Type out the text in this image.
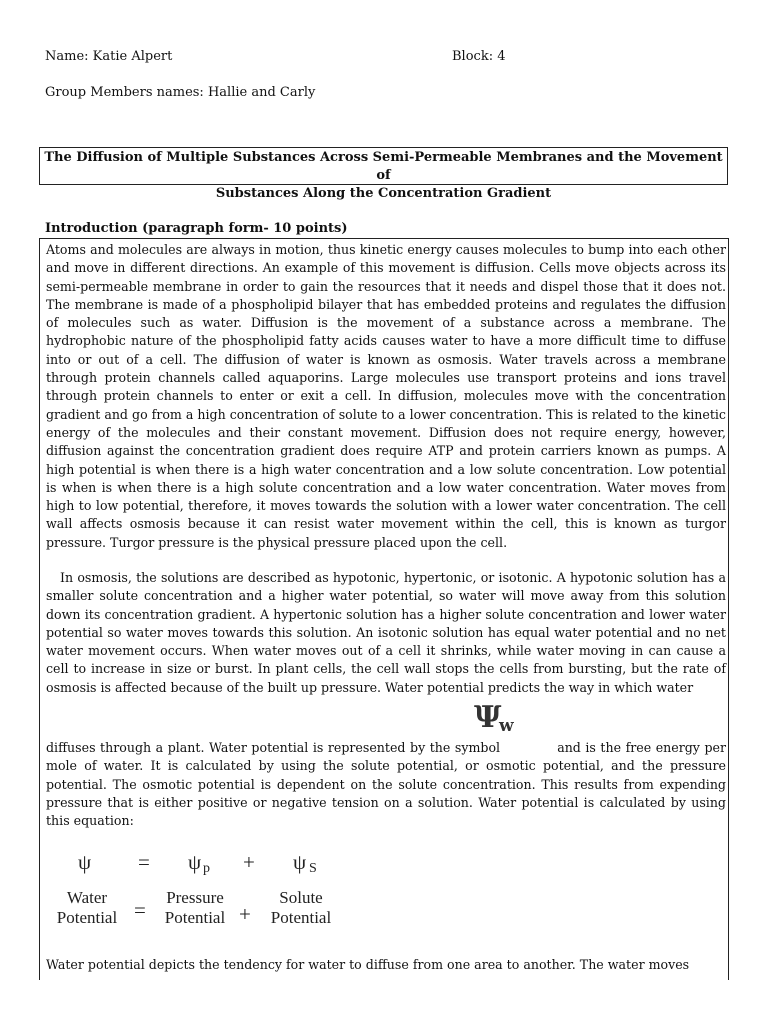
Name: Katie Alpert	Block: 4
Group Members names: Hallie and Carly
The Diffusion of Multiple Substances Across Semi-Permeable Membranes and the Movement of
Substances Along the Concentration Gradient
Introduction (paragraph form- 10 points)

Atoms and molecules are always in motion, thus kinetic energy causes molecules to bump into each other and move in different directions. An example of this movement is diffusion. Cells move objects across its semi-permeable membrane in order to gain the resources that it needs and dispel those that it does not. The membrane is made of a phospholipid bilayer that has embedded proteins and regulates the diffusion of molecules such as water. Diffusion is the movement of a substance across a membrane. The hydrophobic nature of the phospholipid fatty acids causes water to have a more difficult time to diffuse into or out of a cell. The diffusion of water is known as osmosis. Water travels across a membrane through protein channels called aquaporins. Large molecules use transport proteins and ions travel through protein channels to enter or exit a cell. In diffusion, molecules move with the concentration gradient and go from a high concentration of solute to a lower concentration. This is related to the kinetic energy of the molecules and their constant movement. Diffusion does not require energy, however, diffusion against the concentration gradient does require ATP and protein carriers known as pumps. A high potential is when there is a high water concentration and a low solute concentration. Low potential is when is when there is a high solute concentration and a low water concentration. Water moves from high to low potential, therefore, it moves towards the solution with a lower water concentration. The cell wall affects osmosis because it can resist water movement within the cell, this is known as turgor pressure. Turgor pressure is the physical pressure placed upon the cell.

In osmosis, the solutions are described as hypotonic, hypertonic, or isotonic. A hypotonic solution has a smaller solute concentration and a higher water potential, so water will move away from this solution down its concentration gradient. A hypertonic solution has a higher solute concentration and lower water potential so water moves towards this solution. An isotonic solution has equal water potential and no net water movement occurs. When water moves out of a cell it shrinks, while water moving in can cause a cell to increase in size or burst. In plant cells, the cell wall stops the cells from bursting, but the rate of osmosis is affected because of the built up pressure. Water potential predicts the way in which water

Ψ
w

diffuses through a plant. Water potential is represented by the symbol	and is the free energy per mole of water. It is calculated by using the solute potential, or osmotic potential, and the pressure potential. The osmotic potential is dependent on the solute concentration. This results from expending pressure that is either positive or negative tension on a solution. Water potential is calculated by using this equation:

ψ = ψ p + ψ S
Water
Potential =
Pressure
Potential +
Solute
Potential

Water potential depicts the tendency for water to diffuse from one area to another. The water moves
